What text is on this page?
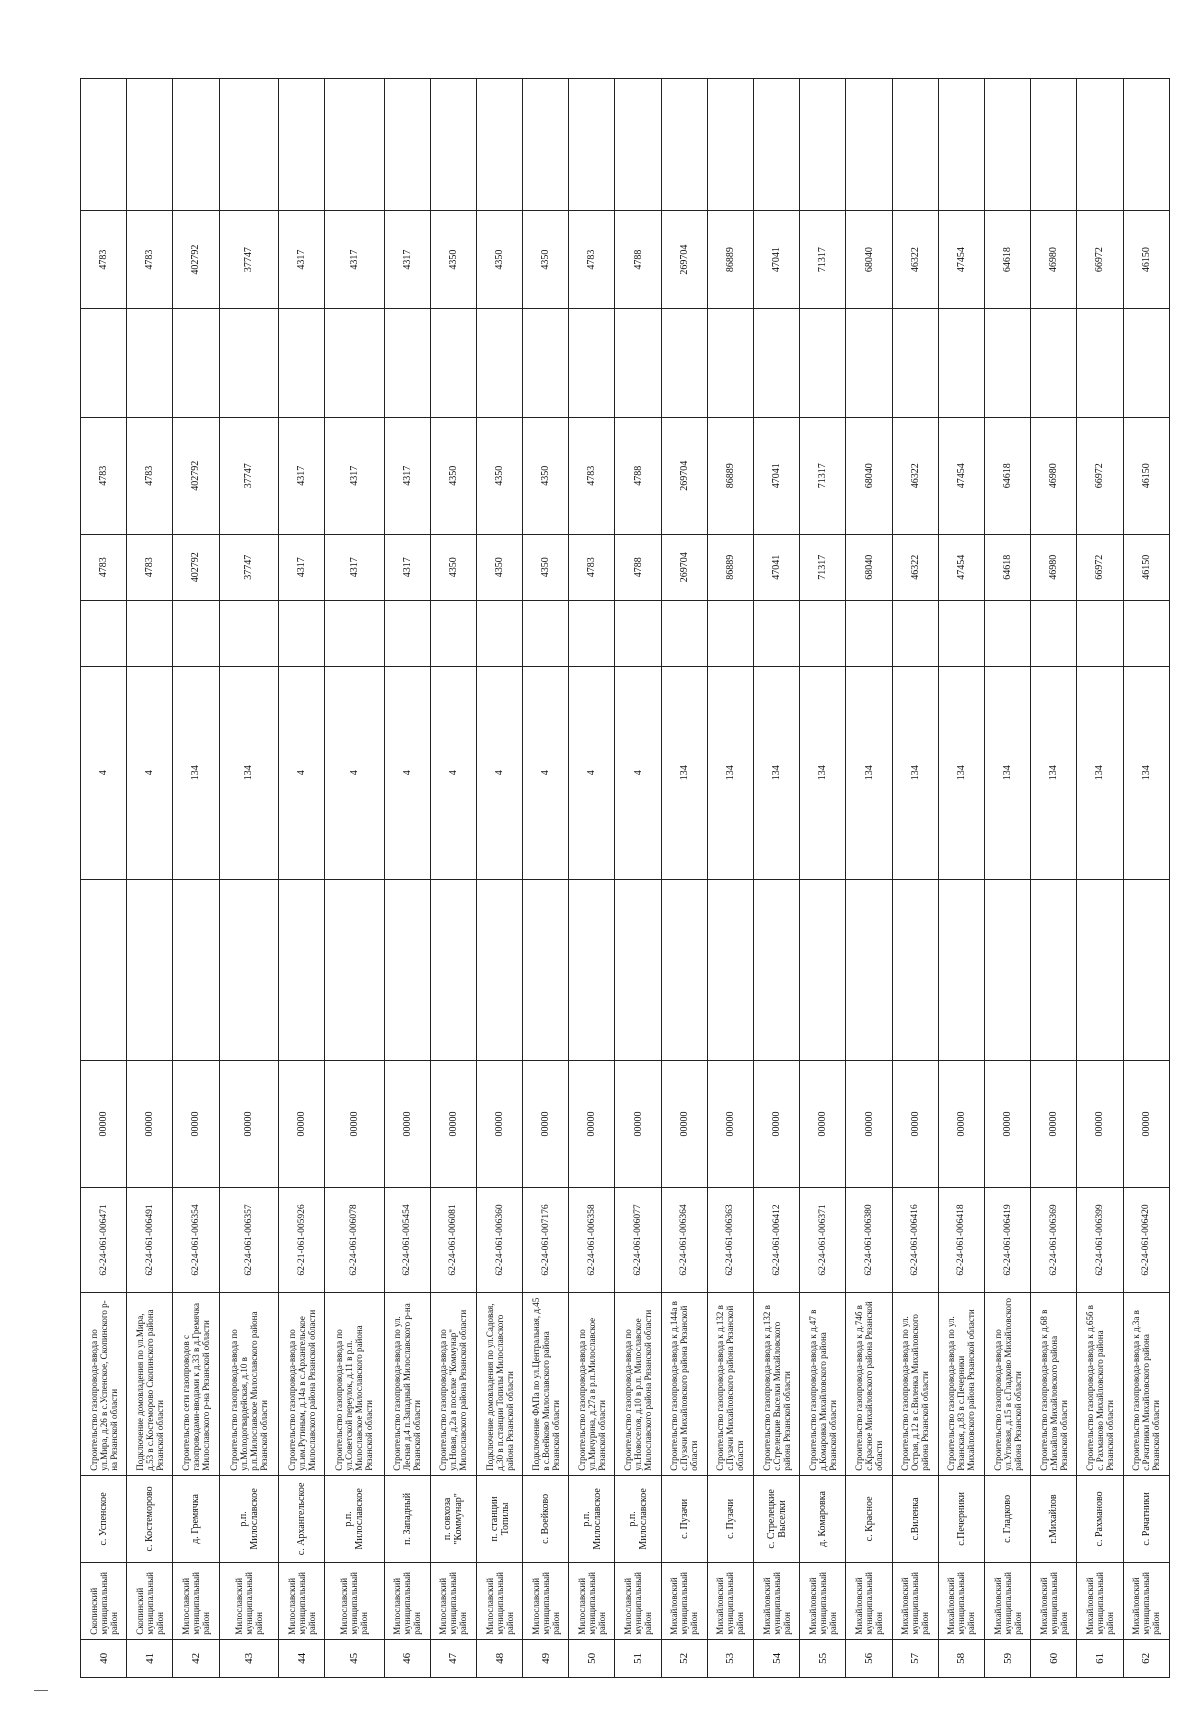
40	Скопинский муниципальный район	с. Успенское	Строительство газопровода-ввода по ул.Мира, д.26 в с.Успенское, Скопинского р-на Рязанской области	62-24-061-006471	00000		4		4783	4783		4783	
41	Скопинский муниципальный район	с. Костеморово	Подключение домовладения по ул.Мира, д.53 в с.Костеморово Скопинского района Рязанской области	62-24-061-006491	00000		4		4783	4783		4783	
42	Милославский муниципальный район	д. Гремячка	Строительство сети газопроводов с газопроводами-вводами к д.33 в д.Гремячка Милославского р-на Рязанской области	62-24-061-006354	00000		134		402792	402792		402792	
43	Милославский муниципальный район	р.п. Милославское	Строительство газопровода-ввода по ул.Молодогвардейская, д.10 в р.п.Милославское Милославского района Рязанской области	62-24-061-006357	00000		134		37747	37747		37747	
44	Милославский муниципальный район	с. Архангельское	Строительство газопровода-ввода по ул.им.Рутиным, д.14а в с.Архангельское Милославского района Рязанской области	62-21-061-005926	00000		4		4317	4317		4317	
45	Милославский муниципальный район	р.п. Милославское	Строительство газопровода-ввода по ул.Советской переулок, д.11 в р.п. Милославское Милославского района Рязанской области	62-24-061-006078	00000		4		4317	4317		4317	
46	Милославский муниципальный район	п. Западный	Строительство газопровода-ввода по ул. Лесная д.4 п.Западный Милославского р-на Рязанской области	62-24-061-005454	00000		4		4317	4317		4317	
47	Милославский муниципальный район	п. совхоза "Коммунар"	Строительство газопровода-ввода по ул.Новая, д.2а в поселке "Коммунар" Милославского района Рязанской области	62-24-061-006081	00000		4		4350	4350		4350	
48	Милославский муниципальный район	п. станции Топилы	Подключение домовладения по ул.Садовая, д.30 в п.станции Топилы Милославского района Рязанской области	62-24-061-006360	00000		4		4350	4350		4350	
49	Милославский муниципальный район	с. Воейково	Подключение ФАПа по ул.Центральная, д.45 в с.Воейково Милославского района Рязанской области	62-24-061-007176	00000		4		4350	4350		4350	
50	Милославский муниципальный район	р.п. Милославское	Строительство газопровода-ввода по ул.Мичурина, д.27а в р.п.Милославское Рязанской области	62-24-061-006358	00000		4		4783	4783		4783	
51	Милославский муниципальный район	р.п. Милославское	Строительство газопровода-ввода по ул.Новоселов, д.10 в р.п. Милославское Милославского района Рязанской области	62-24-061-006077	00000		4		4788	4788		4788	
52	Михайловский муниципальный район	с. Пузачи	Строительство газопровода-ввода к д.144а в с.Пузачи Михайловского района Рязанской области	62-24-061-006364	00000		134		269704	269704		269704	
53	Михайловский муниципальный район	с. Пузачи	Строительство газопровода-ввода к д.132 в с.Пузачи Михайловского района Рязанской области	62-24-061-006363	00000		134		86889	86889		86889	
54	Михайловский муниципальный район	с. Стрелецкие Выселки	Строительство газопровода-ввода к д.132 в с.Стрелецкие Выселки Михайловского района Рязанской области	62-24-061-006412	00000		134		47041	47041		47041	
55	Михайловский муниципальный район	д. Комаровка	Строительство газопровода-ввода к д.47 в д.Комаровка Михайловского района Рязанской области	62-24-061-006371	00000		134		71317	71317		71317	
56	Михайловский муниципальный район	с. Красное	Строительство газопровода-ввода к д.74б в с.Красное Михайловского района Рязанской области	62-24-061-006380	00000		134		68040	68040		68040	
57	Михайловский муниципальный район	с.Виленка	Строительство газопровода-ввода по ул. Острая, д.12 в с.Виленка Михайловского района Рязанской области	62-24-061-006416	00000		134		46322	46322		46322	
58	Михайловский муниципальный район	с.Печерники	Строительство газопровода-ввода по ул. Рязанская, д.83 в с.Печерники Михайловского района Рязанской области	62-24-061-006418	00000		134		47454	47454		47454	
59	Михайловский муниципальный район	с. Гладково	Строительство газопровода-ввода по ул.Угловая, д.15 в с.Гладково Михайловского района Рязанской области	62-24-061-006419	00000		134		64618	64618		64618	
60	Михайловский муниципальный район	г.Михайлов	Строительство газопровода-ввода к д.68 в г.Михайлов Михайловского района Рязанской области	62-24-061-006369	00000		134		46980	46980		46980	
61	Михайловский муниципальный район	с. Рахманово	Строительство газопровода-ввода к д.65б в с. Рахманово Михайловского района Рязанской области	62-24-061-006399	00000		134		66972	66972		66972	
62	Михайловский муниципальный район	с. Рачатники	Строительство газопровода-ввода к д.3а в с.Рачатники Михайловского района Рязанской области	62-24-061-006420	00000		134		46150	46150		46150	
